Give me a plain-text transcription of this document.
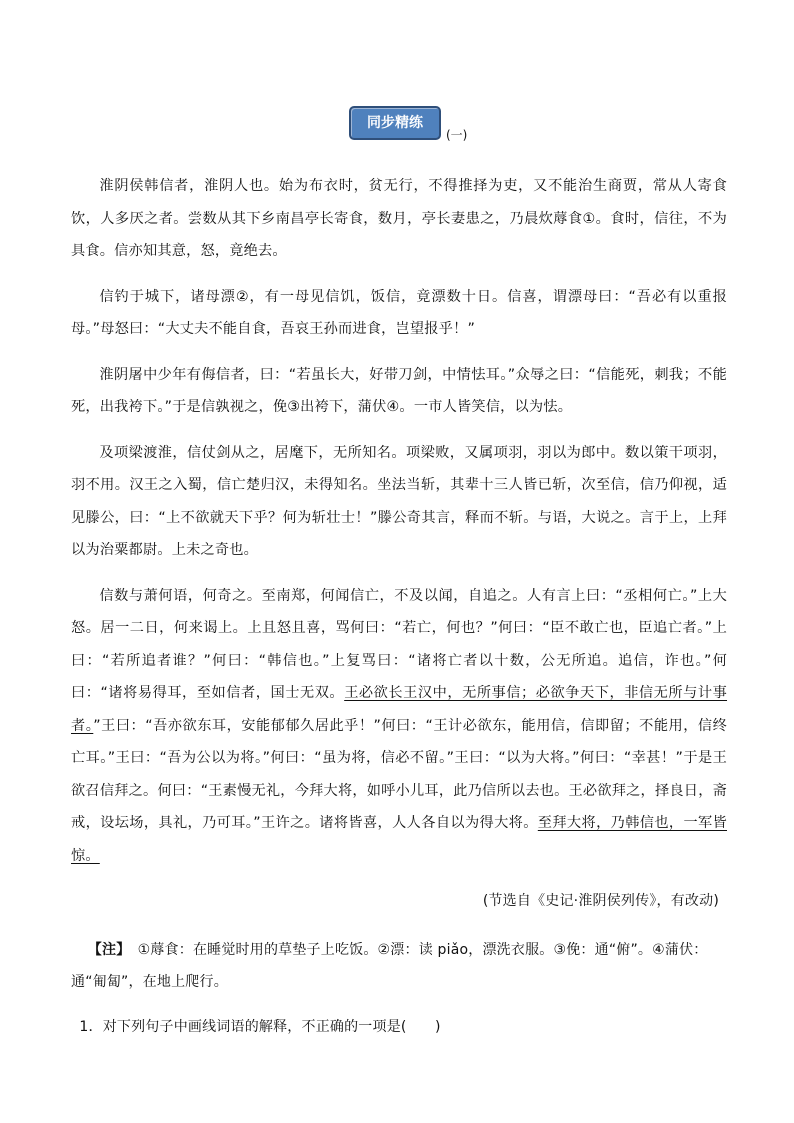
同步精练
(一)

淮阴侯韩信者，淮阴人也。始为布衣时，贫无行，不得推择为吏，又不能治生商贾，常从人寄食饮，人多厌之者。尝数从其下乡南昌亭长寄食，数月，亭长妻患之，乃晨炊蓐食①。食时，信往，不为具食。信亦知其意，怒，竟绝去。

信钓于城下，诸母漂②，有一母见信饥，饭信，竟漂数十日。信喜，谓漂母曰：“吾必有以重报母。”母怒曰：“大丈夫不能自食，吾哀王孙而进食，岂望报乎！”

淮阴屠中少年有侮信者，曰：“若虽长大，好带刀剑，中情怯耳。”众辱之曰：“信能死，刺我；不能死，出我袴下。”于是信孰视之，俛③出袴下，蒲伏④。一市人皆笑信，以为怯。

及项梁渡淮，信仗剑从之，居麾下，无所知名。项梁败，又属项羽，羽以为郎中。数以策干项羽，羽不用。汉王之入蜀，信亡楚归汉，未得知名。坐法当斩，其辈十三人皆已斩，次至信，信乃仰视，适见滕公，曰：“上不欲就天下乎？何为斩壮士！”滕公奇其言，释而不斩。与语，大说之。言于上，上拜以为治粟都尉。上未之奇也。

信数与萧何语，何奇之。至南郑，何闻信亡，不及以闻，自追之。人有言上曰：“丞相何亡。”上大怒。居一二日，何来谒上。上且怒且喜，骂何曰：“若亡，何也？”何曰：“臣不敢亡也，臣追亡者。”上曰：“若所追者谁？”何曰：“韩信也。”上复骂曰：“诸将亡者以十数，公无所追。追信，诈也。”何曰：“诸将易得耳，至如信者，国士无双。王必欲长王汉中，无所事信；必欲争天下，非信无所与计事者。”王曰：“吾亦欲东耳，安能郁郁久居此乎！”何曰：“王计必欲东，能用信，信即留；不能用，信终亡耳。”王曰：“吾为公以为将。”何曰：“虽为将，信必不留。”王曰：“以为大将。”何曰：“幸甚！”于是王欲召信拜之。何曰：“王素慢无礼，今拜大将，如呼小儿耳，此乃信所以去也。王必欲拜之，择良日，斋戒，设坛场，具礼，乃可耳。”王许之。诸将皆喜，人人各自以为得大将。至拜大将，乃韩信也，一军皆惊。

(节选自《史记·淮阴侯列传》，有改动)

【注】　 ①蓐食：在睡觉时用的草垫子上吃饭。②漂：读 piǎo，漂洗衣服。③俛：通“俯”。④蒲伏：通“匍匐”，在地上爬行。

1．对下列句子中画线词语的解释，不正确的一项是(　　)
